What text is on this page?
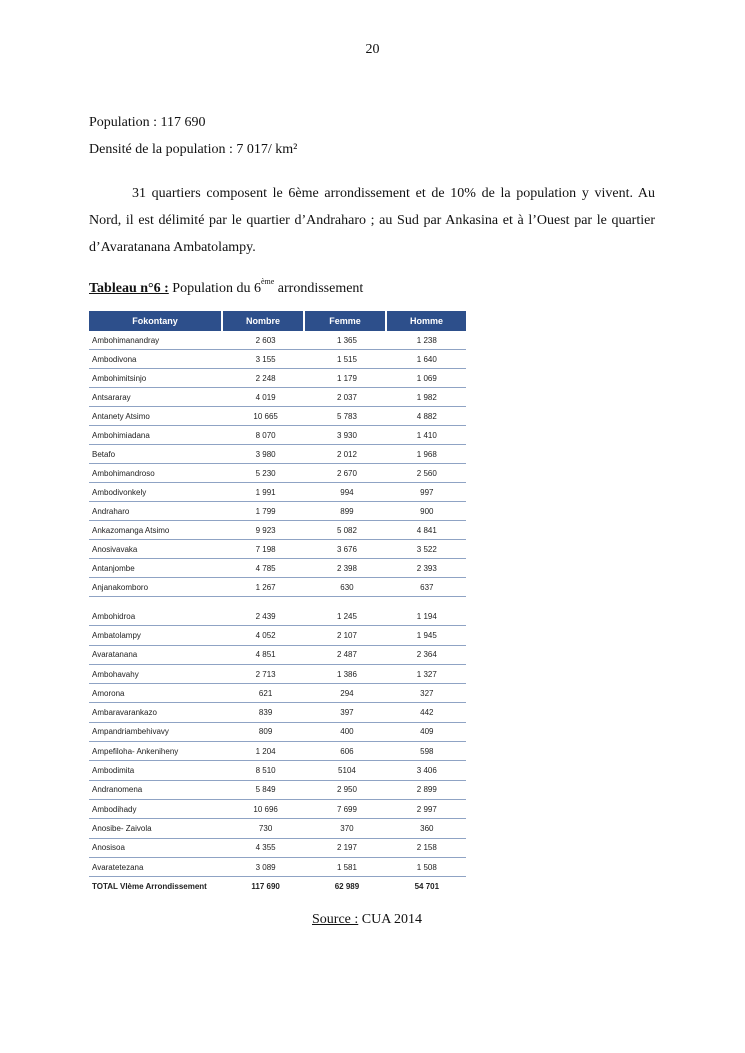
20
Population : 117 690
Densité de la population : 7 017/ km²
31 quartiers composent le 6ème arrondissement et de 10% de la population y vivent. Au Nord, il est délimité par le quartier d’Andraharo ; au Sud par Ankasina et à l’Ouest par le quartier d’Avaratanana Ambatolampy.
Tableau n°6 : Population du 6ème arrondissement
Fokontany	Nombre	Femme	Homme
Ambohimanandray	2 603	1 365	1 238
Ambodivona	3 155	1 515	1 640
Ambohimitsinjo	2 248	1 179	1 069
Antsararay	4 019	2 037	1 982
Antanety Atsimo	10 665	5 783	4 882
Ambohimiadana	8 070	3 930	1 410
Betafo	3 980	2 012	1 968
Ambohimandroso	5 230	2 670	2 560
Ambodivonkely	1 991	994	997
Andraharo	1 799	899	900
Ankazomanga Atsimo	9 923	5 082	4 841
Anosivavaka	7 198	3 676	3 522
Antanjombe	4 785	2 398	2 393
Anjanakomboro	1 267	630	637
Ambohidroa	2 439	1 245	1 194
Ambatolampy	4 052	2 107	1 945
Avaratanana	4 851	2 487	2 364
Ambohavahy	2 713	1 386	1 327
Amorona	621	294	327
Ambaravarankazo	839	397	442
Ampandriambehivavy	809	400	409
Ampefiloha- Ankeniheny	1 204	606	598
Ambodimita	8 510	5104	3 406
Andranomena	5 849	2 950	2 899
Ambodihady	10 696	7 699	2 997
Anosibe- Zaivola	730	370	360
Anosisoa	4 355	2 197	2 158
Avaratetezana	3 089	1 581	1 508
TOTAL VIème Arrondissement	117 690	62 989	54 701
Source : CUA 2014
